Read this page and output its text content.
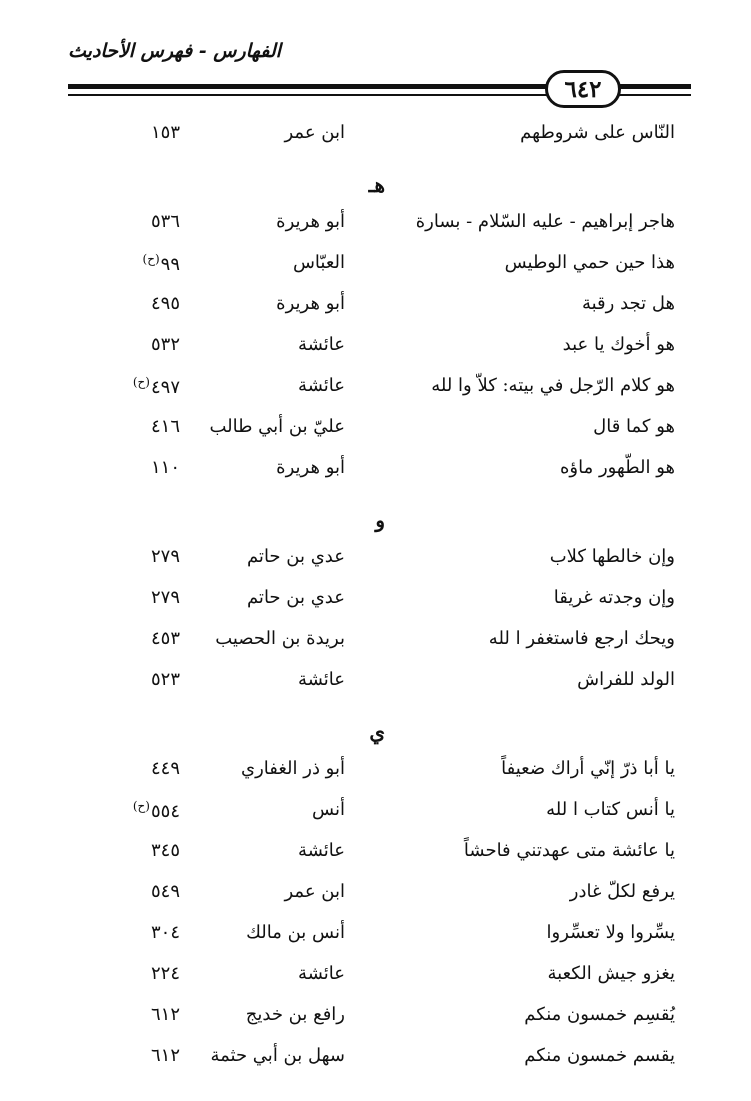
الفهارس - فهرس الأحاديث
٦٤٢
النّاس على شروطهم
ابن عمر
١٥٣
هـ
هاجر إبراهيم - عليه السّلام - بسارة
أبو هريرة
٥٣٦
هذا حين حمي الوطيس
العبّاس
$٩٩^{(ح)}$
هل تجد رقبة
أبو هريرة
٤٩٥
هو أخوك يا عبد
عائشة
٥٣٢
هو كلام الرّجل في بيته: كلاّ وا لله
عائشة
$٤٩٧^{(ح)}$
هو كما قال
عليّ بن أبي طالب
٤١٦
هو الطّهور ماؤه
أبو هريرة
١١٠
و
وإن خالطها كلاب
عدي بن حاتم
٢٧٩
وإن وجدته غريقا
عدي بن حاتم
٢٧٩
ويحك ارجع فاستغفر ا لله
بريدة بن الحصيب
٤٥٣
الولد للفراش
عائشة
٥٢٣
ي
يا أبا ذرّ إنّي أراك ضعيفاً
أبو ذر الغفاري
٤٤٩
يا أنس كتاب ا لله
أنس
$٥٥٤^{(ح)}$
يا عائشة متى عهدتني فاحشاً
عائشة
٣٤٥
يرفع لكلّ غادر
ابن عمر
٥٤٩
يسِّروا ولا تعسِّروا
أنس بن مالك
٣٠٤
يغزو جيش الكعبة
عائشة
٢٢٤
يُقسِم خمسون منكم
رافع بن خديج
٦١٢
يقسم خمسون منكم
سهل بن أبي حثمة
٦١٢
